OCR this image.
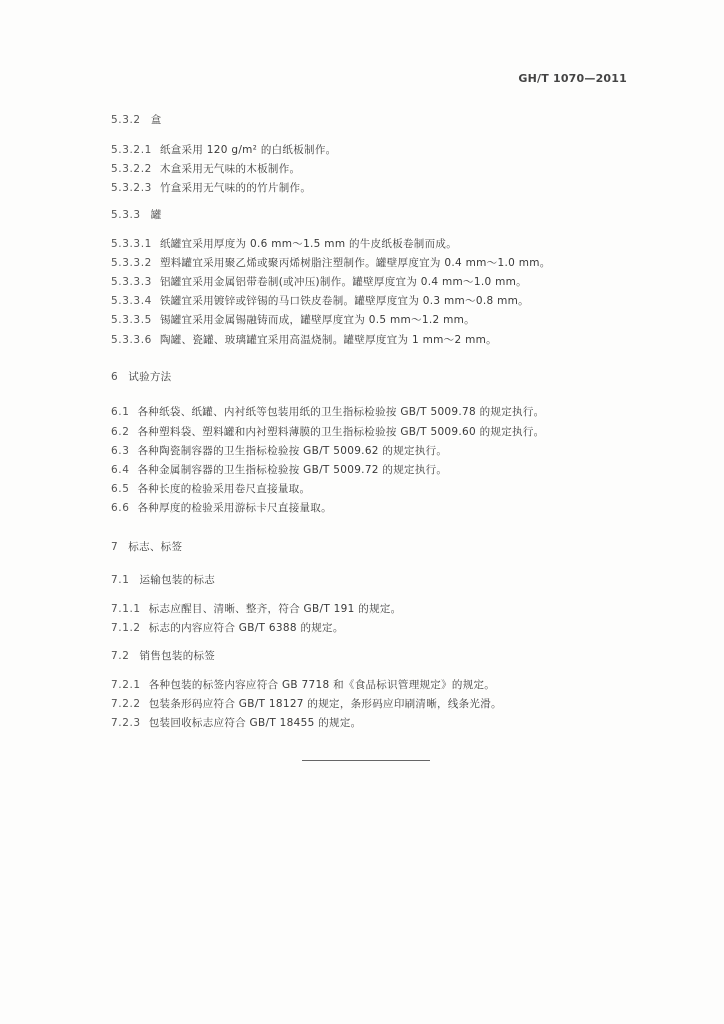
GH/T 1070—2011
5.3.2 盒
5.3.2.1 纸盒采用 120 g/m² 的白纸板制作。
5.3.2.2 木盒采用无气味的木板制作。
5.3.2.3 竹盒采用无气味的的竹片制作。
5.3.3 罐
5.3.3.1 纸罐宜采用厚度为 0.6 mm～1.5 mm 的牛皮纸板卷制而成。
5.3.3.2 塑料罐宜采用聚乙烯或聚丙烯树脂注塑制作。罐壁厚度宜为 0.4 mm～1.0 mm。
5.3.3.3 铝罐宜采用金属铝带卷制(或冲压)制作。罐壁厚度宜为 0.4 mm～1.0 mm。
5.3.3.4 铁罐宜采用镀锌或锌锡的马口铁皮卷制。罐壁厚度宜为 0.3 mm～0.8 mm。
5.3.3.5 锡罐宜采用金属锡融铸而成，罐壁厚度宜为 0.5 mm～1.2 mm。
5.3.3.6 陶罐、瓷罐、玻璃罐宜采用高温烧制。罐壁厚度宜为 1 mm～2 mm。
6 试验方法
6.1 各种纸袋、纸罐、内衬纸等包装用纸的卫生指标检验按 GB/T 5009.78 的规定执行。
6.2 各种塑料袋、塑料罐和内衬塑料薄膜的卫生指标检验按 GB/T 5009.60 的规定执行。
6.3 各种陶瓷制容器的卫生指标检验按 GB/T 5009.62 的规定执行。
6.4 各种金属制容器的卫生指标检验按 GB/T 5009.72 的规定执行。
6.5 各种长度的检验采用卷尺直接量取。
6.6 各种厚度的检验采用游标卡尺直接量取。
7 标志、标签
7.1 运输包装的标志
7.1.1 标志应醒目、清晰、整齐，符合 GB/T 191 的规定。
7.1.2 标志的内容应符合 GB/T 6388 的规定。
7.2 销售包装的标签
7.2.1 各种包装的标签内容应符合 GB 7718 和《食品标识管理规定》的规定。
7.2.2 包装条形码应符合 GB/T 18127 的规定，条形码应印刷清晰，线条光滑。
7.2.3 包装回收标志应符合 GB/T 18455 的规定。
